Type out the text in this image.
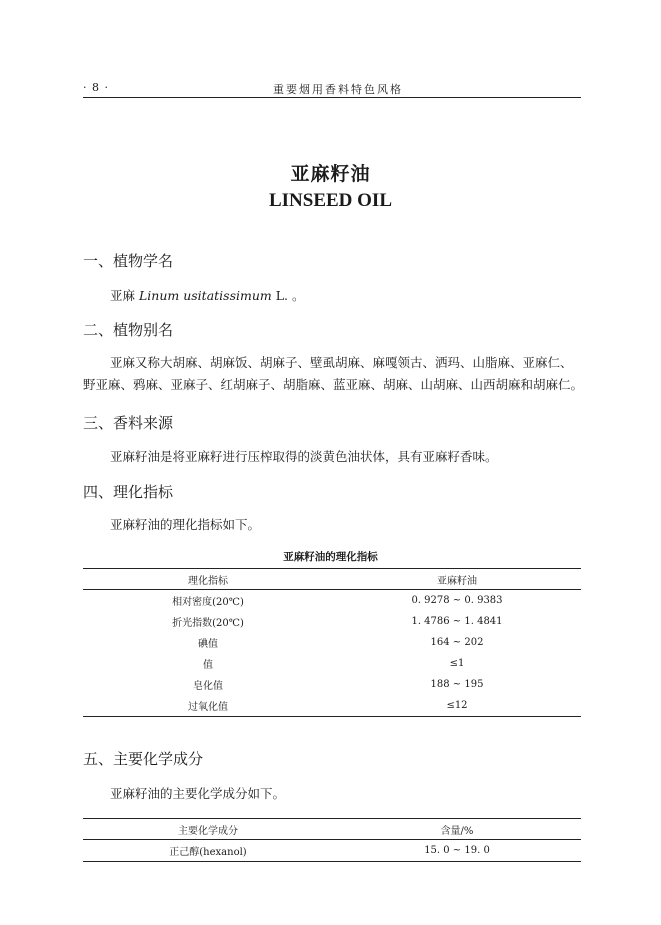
· 8 ·	重要烟用香料特色风格
亚麻籽油
LINSEED OIL
一、植物学名
亚麻 Linum usitatissimum L. 。
二、植物别名
亚麻又称大胡麻、胡麻饭、胡麻子、壁虱胡麻、麻嘎领古、洒玛、山脂麻、亚麻仁、野亚麻、鸦麻、亚麻子、红胡麻子、胡脂麻、蓝亚麻、胡麻、山胡麻、山西胡麻和胡麻仁。
三、香料来源
亚麻籽油是将亚麻籽进行压榨取得的淡黄色油状体，具有亚麻籽香味。
四、理化指标
亚麻籽油的理化指标如下。
亚麻籽油的理化指标
理化指标	亚麻籽油
相对密度(20℃)	0. 9278 ~ 0. 9383
折光指数(20℃)	1. 4786 ~ 1. 4841
碘值	164 ~ 202
值	≤1
皂化值	188 ~ 195
过氧化值	≤12
五、主要化学成分
亚麻籽油的主要化学成分如下。
主要化学成分	含量/%
正己醇(hexanol)	15. 0 ~ 19. 0
